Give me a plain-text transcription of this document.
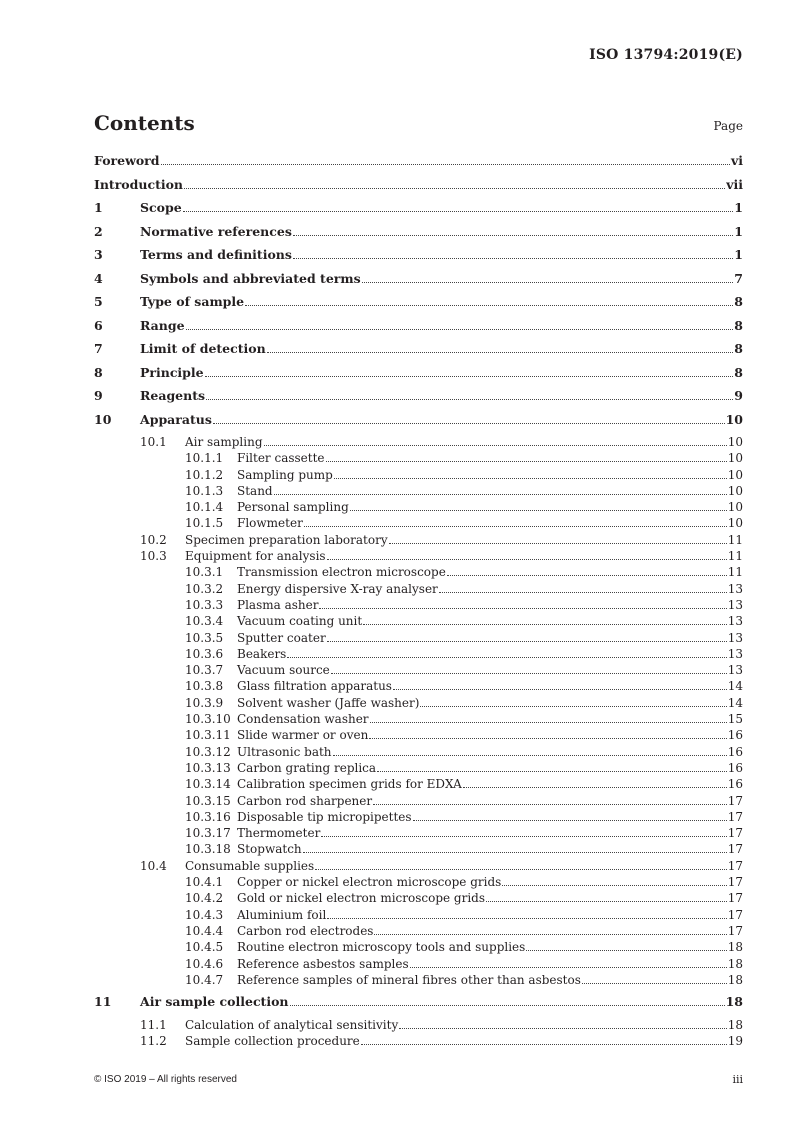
ISO 13794:2019(E)
Contents	Page
Foreword	vi
Introduction	vii
1	Scope	1
2	Normative references	1
3	Terms and definitions	1
4	Symbols and abbreviated terms	7
5	Type of sample	8
6	Range	8
7	Limit of detection	8
8	Principle	8
9	Reagents	9
10	Apparatus	10
10.1	Air sampling	10
10.1.1	Filter cassette	10
10.1.2	Sampling pump	10
10.1.3	Stand	10
10.1.4	Personal sampling	10
10.1.5	Flowmeter	10
10.2	Specimen preparation laboratory	11
10.3	Equipment for analysis	11
10.3.1	Transmission electron microscope	11
10.3.2	Energy dispersive X-ray analyser	13
10.3.3	Plasma asher	13
10.3.4	Vacuum coating unit	13
10.3.5	Sputter coater	13
10.3.6	Beakers	13
10.3.7	Vacuum source	13
10.3.8	Glass filtration apparatus	14
10.3.9	Solvent washer (Jaffe washer)	14
10.3.10 Condensation washer	15
10.3.11 Slide warmer or oven	16
10.3.12 Ultrasonic bath	16
10.3.13 Carbon grating replica	16
10.3.14 Calibration specimen grids for EDXA	16
10.3.15 Carbon rod sharpener	17
10.3.16 Disposable tip micropipettes	17
10.3.17 Thermometer	17
10.3.18 Stopwatch	17
10.4	Consumable supplies	17
10.4.1	Copper or nickel electron microscope grids	17
10.4.2	Gold or nickel electron microscope grids	17
10.4.3	Aluminium foil	17
10.4.4	Carbon rod electrodes	17
10.4.5	Routine electron microscopy tools and supplies	18
10.4.6	Reference asbestos samples	18
10.4.7	Reference samples of mineral fibres other than asbestos	18
11	Air sample collection	18
11.1	Calculation of analytical sensitivity	18
11.2	Sample collection procedure	19
© ISO 2019 – All rights reserved	iii
